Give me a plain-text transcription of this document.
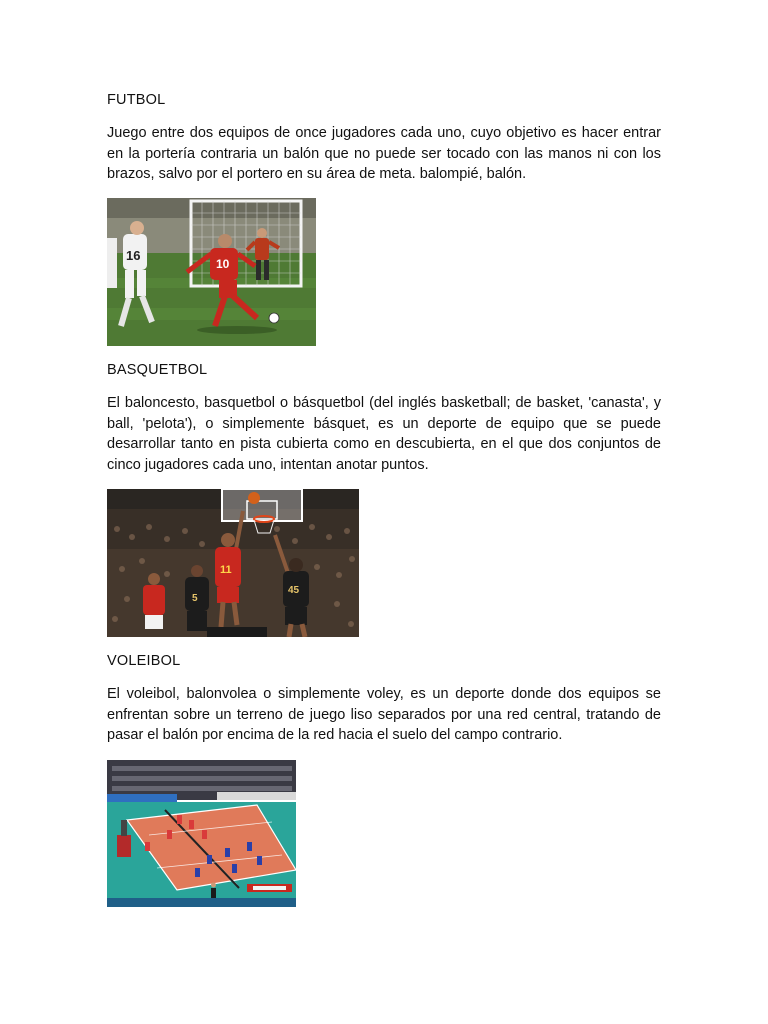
FUTBOL

Juego entre dos equipos de once jugadores cada uno, cuyo objetivo es hacer entrar en la portería contraria un balón que no puede ser tocado con las manos ni con los brazos, salvo por el portero en su área de meta. balompié, balón.

16
10
BASQUETBOL

El baloncesto, basquetbol o básquetbol (del inglés basketball; de basket, 'canasta', y ball, 'pelota'), o simplemente básquet, es un deporte de equipo que se puede desarrollar tanto en pista cubierta como en descubierta, en el que dos conjuntos de cinco jugadores cada uno, intentan anotar puntos.

11
5
45
VOLEIBOL

El voleibol, balonvolea o simplemente voley, es un deporte donde dos equipos se enfrentan sobre un terreno de juego liso separados por una red central, tratando de pasar el balón por encima de la red hacia el suelo del campo contrario.
